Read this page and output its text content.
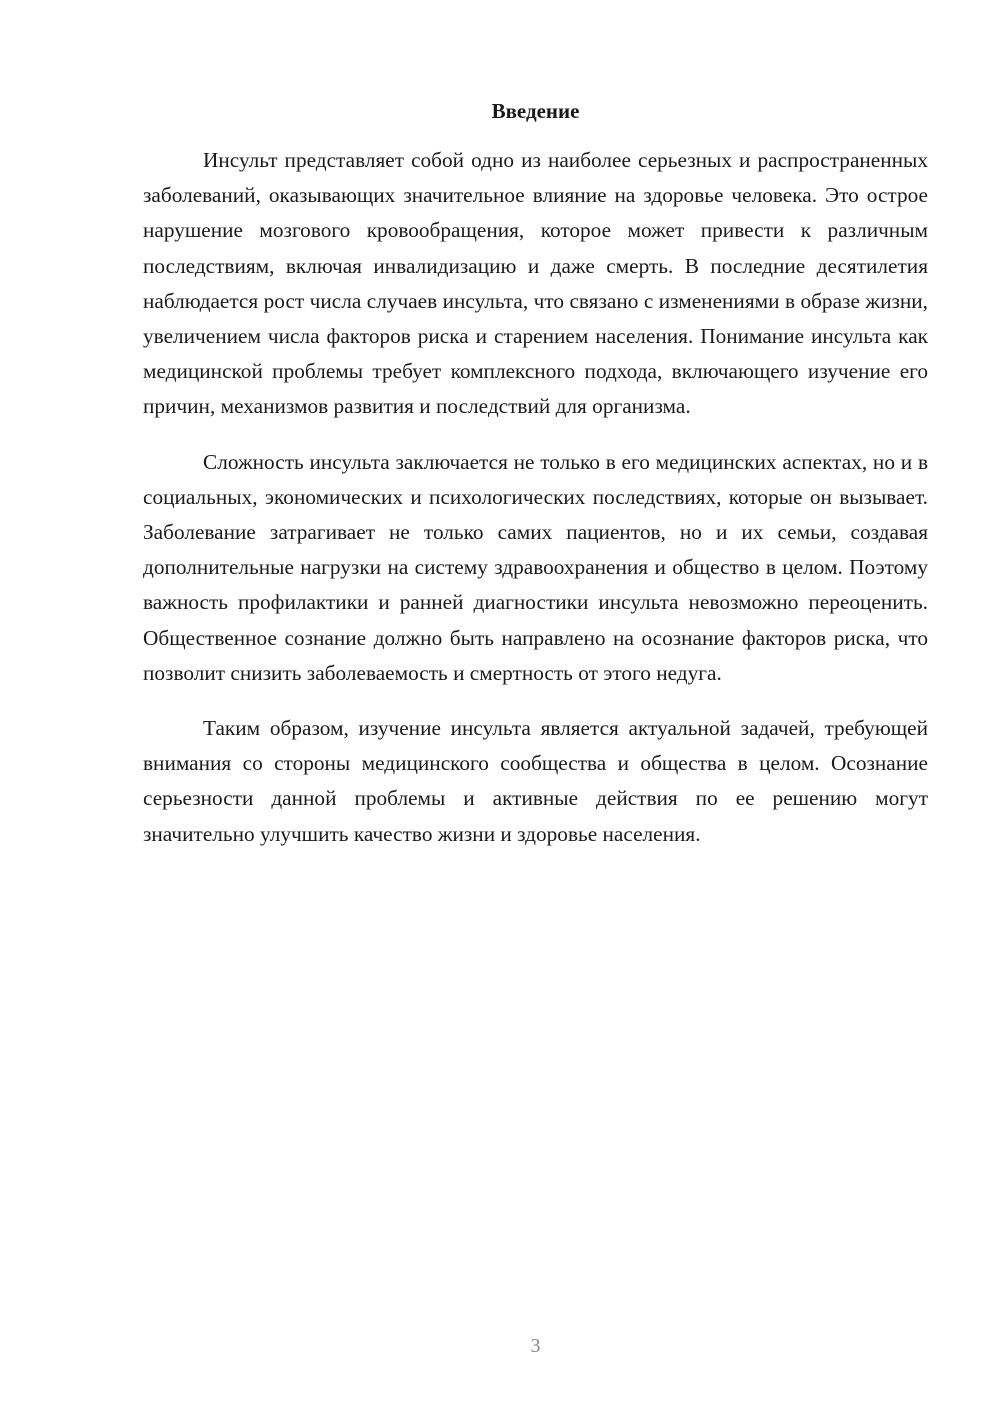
Введение

Инсульт представляет собой одно из наиболее серьезных и распространенных заболеваний, оказывающих значительное влияние на здоровье человека. Это острое нарушение мозгового кровообращения, которое может привести к различным последствиям, включая инвалидизацию и даже смерть. В последние десятилетия наблюдается рост числа случаев инсульта, что связано с изменениями в образе жизни, увеличением числа факторов риска и старением населения. Понимание инсульта как медицинской проблемы требует комплексного подхода, включающего изучение его причин, механизмов развития и последствий для организма.

Сложность инсульта заключается не только в его медицинских аспектах, но и в социальных, экономических и психологических последствиях, которые он вызывает. Заболевание затрагивает не только самих пациентов, но и их семьи, создавая дополнительные нагрузки на систему здравоохранения и общество в целом. Поэтому важность профилактики и ранней диагностики инсульта невозможно переоценить. Общественное сознание должно быть направлено на осознание факторов риска, что позволит снизить заболеваемость и смертность от этого недуга.

Таким образом, изучение инсульта является актуальной задачей, требующей внимания со стороны медицинского сообщества и общества в целом. Осознание серьезности данной проблемы и активные действия по ее решению могут значительно улучшить качество жизни и здоровье населения.

3
